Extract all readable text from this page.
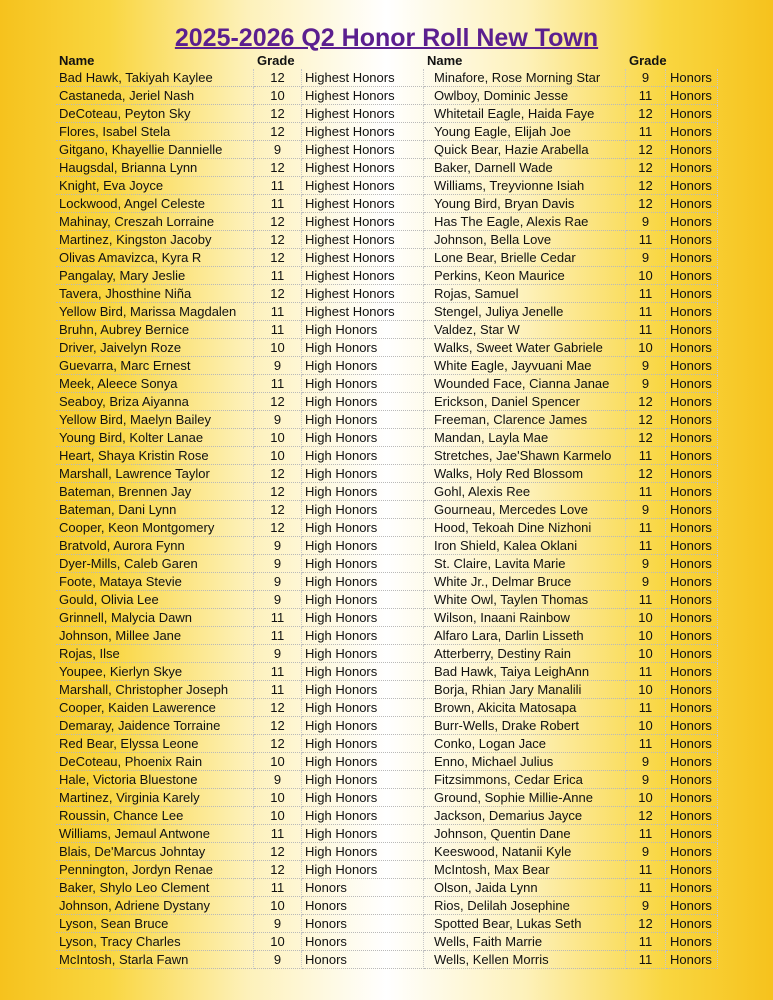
2025-2026 Q2 Honor Roll New Town
Name	Grade	Name	Grade
Bad Hawk, Takiyah Kaylee	12	Highest Honors	Minafore, Rose Morning Star	9	Honors
Castaneda, Jeriel Nash	10	Highest Honors	Owlboy, Dominic Jesse	11	Honors
DeCoteau, Peyton Sky	12	Highest Honors	Whitetail Eagle, Haida Faye	12	Honors
Flores, Isabel Stela	12	Highest Honors	Young Eagle, Elijah Joe	11	Honors
Gitgano, Khayellie Dannielle	9	Highest Honors	Quick Bear, Hazie Arabella	12	Honors
Haugsdal, Brianna Lynn	12	Highest Honors	Baker, Darnell Wade	12	Honors
Knight, Eva Joyce	11	Highest Honors	Williams, Treyvionne Isiah	12	Honors
Lockwood, Angel Celeste	11	Highest Honors	Young Bird, Bryan Davis	12	Honors
Mahinay, Creszah Lorraine	12	Highest Honors	Has The Eagle, Alexis Rae	9	Honors
Martinez, Kingston Jacoby	12	Highest Honors	Johnson, Bella Love	11	Honors
Olivas Amavizca, Kyra R	12	Highest Honors	Lone Bear, Brielle Cedar	9	Honors
Pangalay, Mary Jeslie	11	Highest Honors	Perkins, Keon Maurice	10	Honors
Tavera, Jhosthine Niña	12	Highest Honors	Rojas, Samuel	11	Honors
Yellow Bird, Marissa Magdalen	11	Highest Honors	Stengel, Juliya Jenelle	11	Honors
Bruhn, Aubrey Bernice	11	High Honors	Valdez, Star W	11	Honors
Driver, Jaivelyn Roze	10	High Honors	Walks, Sweet Water Gabriele	10	Honors
Guevarra, Marc Ernest	9	High Honors	White Eagle, Jayvuani Mae	9	Honors
Meek, Aleece Sonya	11	High Honors	Wounded Face, Cianna Janae	9	Honors
Seaboy, Briza Aiyanna	12	High Honors	Erickson, Daniel Spencer	12	Honors
Yellow Bird, Maelyn Bailey	9	High Honors	Freeman, Clarence James	12	Honors
Young Bird, Kolter Lanae	10	High Honors	Mandan, Layla Mae	12	Honors
Heart, Shaya Kristin Rose	10	High Honors	Stretches, Jae'Shawn Karmelo	11	Honors
Marshall, Lawrence Taylor	12	High Honors	Walks, Holy Red Blossom	12	Honors
Bateman, Brennen Jay	12	High Honors	Gohl, Alexis Ree	11	Honors
Bateman, Dani Lynn	12	High Honors	Gourneau, Mercedes Love	9	Honors
Cooper, Keon Montgomery	12	High Honors	Hood, Tekoah Dine Nizhoni	11	Honors
Bratvold, Aurora Fynn	9	High Honors	Iron Shield, Kalea Oklani	11	Honors
Dyer-Mills, Caleb Garen	9	High Honors	St. Claire, Lavita Marie	9	Honors
Foote, Mataya Stevie	9	High Honors	White Jr., Delmar Bruce	9	Honors
Gould, Olivia Lee	9	High Honors	White Owl, Taylen Thomas	11	Honors
Grinnell, Malycia Dawn	11	High Honors	Wilson, Inaani Rainbow	10	Honors
Johnson, Millee Jane	11	High Honors	Alfaro Lara, Darlin Lisseth	10	Honors
Rojas, Ilse	9	High Honors	Atterberry, Destiny Rain	10	Honors
Youpee, Kierlyn Skye	11	High Honors	Bad Hawk, Taiya LeighAnn	11	Honors
Marshall, Christopher Joseph	11	High Honors	Borja, Rhian Jary Manalili	10	Honors
Cooper, Kaiden Lawerence	12	High Honors	Brown, Akicita Matosapa	11	Honors
Demaray, Jaidence Torraine	12	High Honors	Burr-Wells, Drake Robert	10	Honors
Red Bear, Elyssa Leone	12	High Honors	Conko, Logan Jace	11	Honors
DeCoteau, Phoenix Rain	10	High Honors	Enno, Michael Julius	9	Honors
Hale, Victoria Bluestone	9	High Honors	Fitzsimmons, Cedar Erica	9	Honors
Martinez, Virginia Karely	10	High Honors	Ground, Sophie Millie-Anne	10	Honors
Roussin, Chance Lee	10	High Honors	Jackson, Demarius Jayce	12	Honors
Williams, Jemaul Antwone	11	High Honors	Johnson, Quentin Dane	11	Honors
Blais, De'Marcus Johntay	12	High Honors	Keeswood, Natanii Kyle	9	Honors
Pennington, Jordyn Renae	12	High Honors	McIntosh, Max Bear	11	Honors
Baker, Shylo Leo Clement	11	Honors	Olson, Jaida Lynn	11	Honors
Johnson, Adriene Dystany	10	Honors	Rios, Delilah Josephine	9	Honors
Lyson, Sean Bruce	9	Honors	Spotted Bear, Lukas Seth	12	Honors
Lyson, Tracy Charles	10	Honors	Wells, Faith Marrie	11	Honors
McIntosh, Starla Fawn	9	Honors	Wells, Kellen Morris	11	Honors
